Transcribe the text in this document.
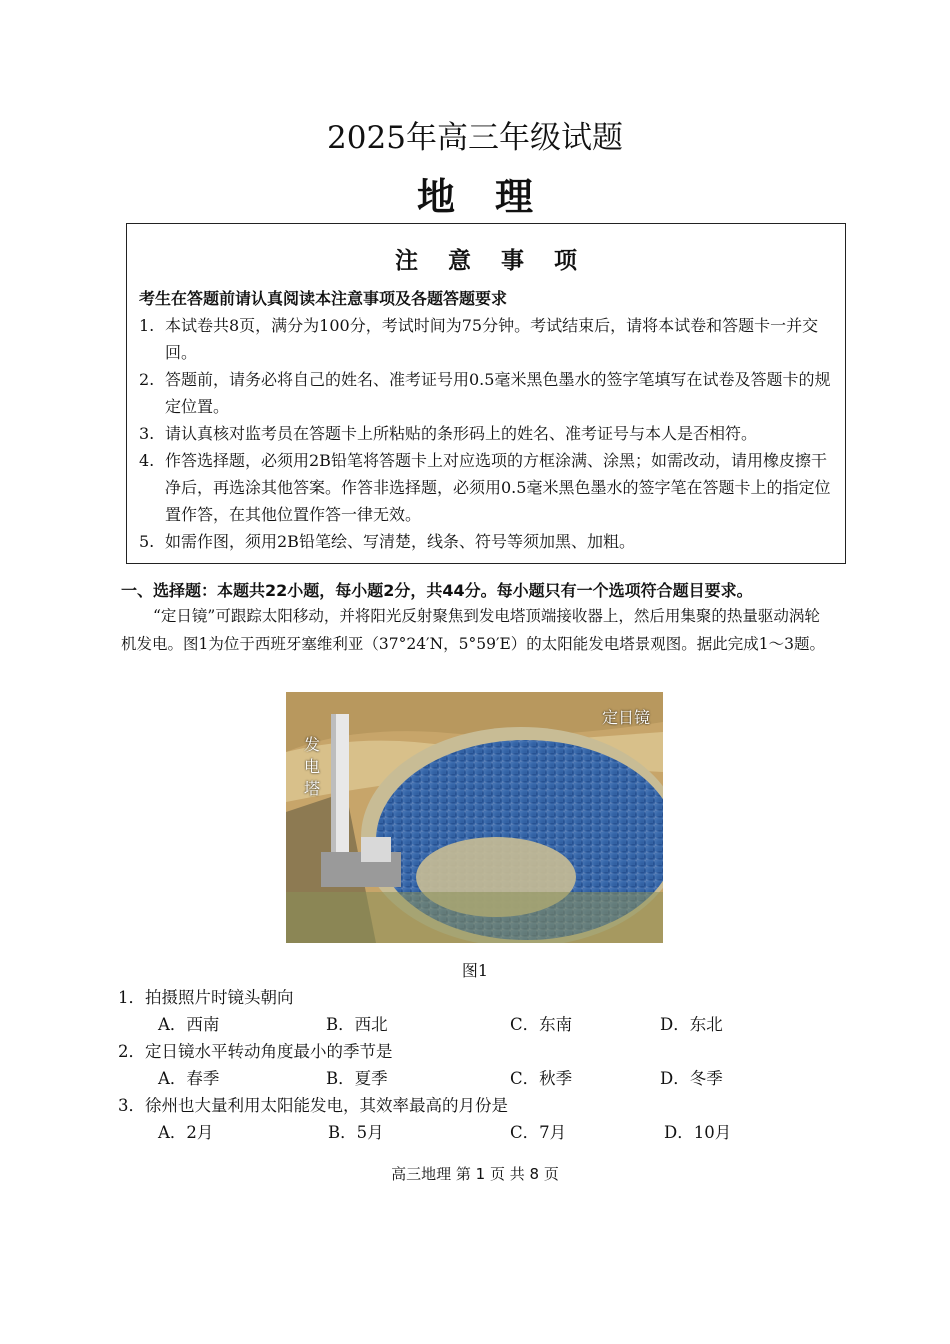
2025年高三年级试题
地理
注意事项
考生在答题前请认真阅读本注意事项及各题答题要求
1. 本试卷共8页，满分为100分，考试时间为75分钟。考试结束后，请将本试卷和答题卡一并交回。
2. 答题前，请务必将自己的姓名、准考证号用0.5毫米黑色墨水的签字笔填写在试卷及答题卡的规定位置。
3. 请认真核对监考员在答题卡上所粘贴的条形码上的姓名、准考证号与本人是否相符。
4. 作答选择题，必须用2B铅笔将答题卡上对应选项的方框涂满、涂黑；如需改动，请用橡皮擦干净后，再选涂其他答案。作答非选择题，必须用0.5毫米黑色墨水的签字笔在答题卡上的指定位置作答，在其他位置作答一律无效。
5. 如需作图，须用2B铅笔绘、写清楚，线条、符号等须加黑、加粗。
一、选择题：本题共22小题，每小题2分，共44分。每小题只有一个选项符合题目要求。
“定日镜”可跟踪太阳移动，并将阳光反射聚焦到发电塔顶端接收器上，然后用集聚的热量驱动涡轮机发电。图1为位于西班牙塞维利亚（37°24′N，5°59′E）的太阳能发电塔景观图。据此完成1～3题。
发电塔
定日镜
图1
1．拍摄照片时镜头朝向
A．西南	B．西北	C．东南	D．东北
2．定日镜水平转动角度最小的季节是
A．春季	B．夏季	C．秋季	D．冬季
3．徐州也大量利用太阳能发电，其效率最高的月份是
A．2月	B．5月	C．7月	D．10月
高三地理 第 1 页 共 8 页
